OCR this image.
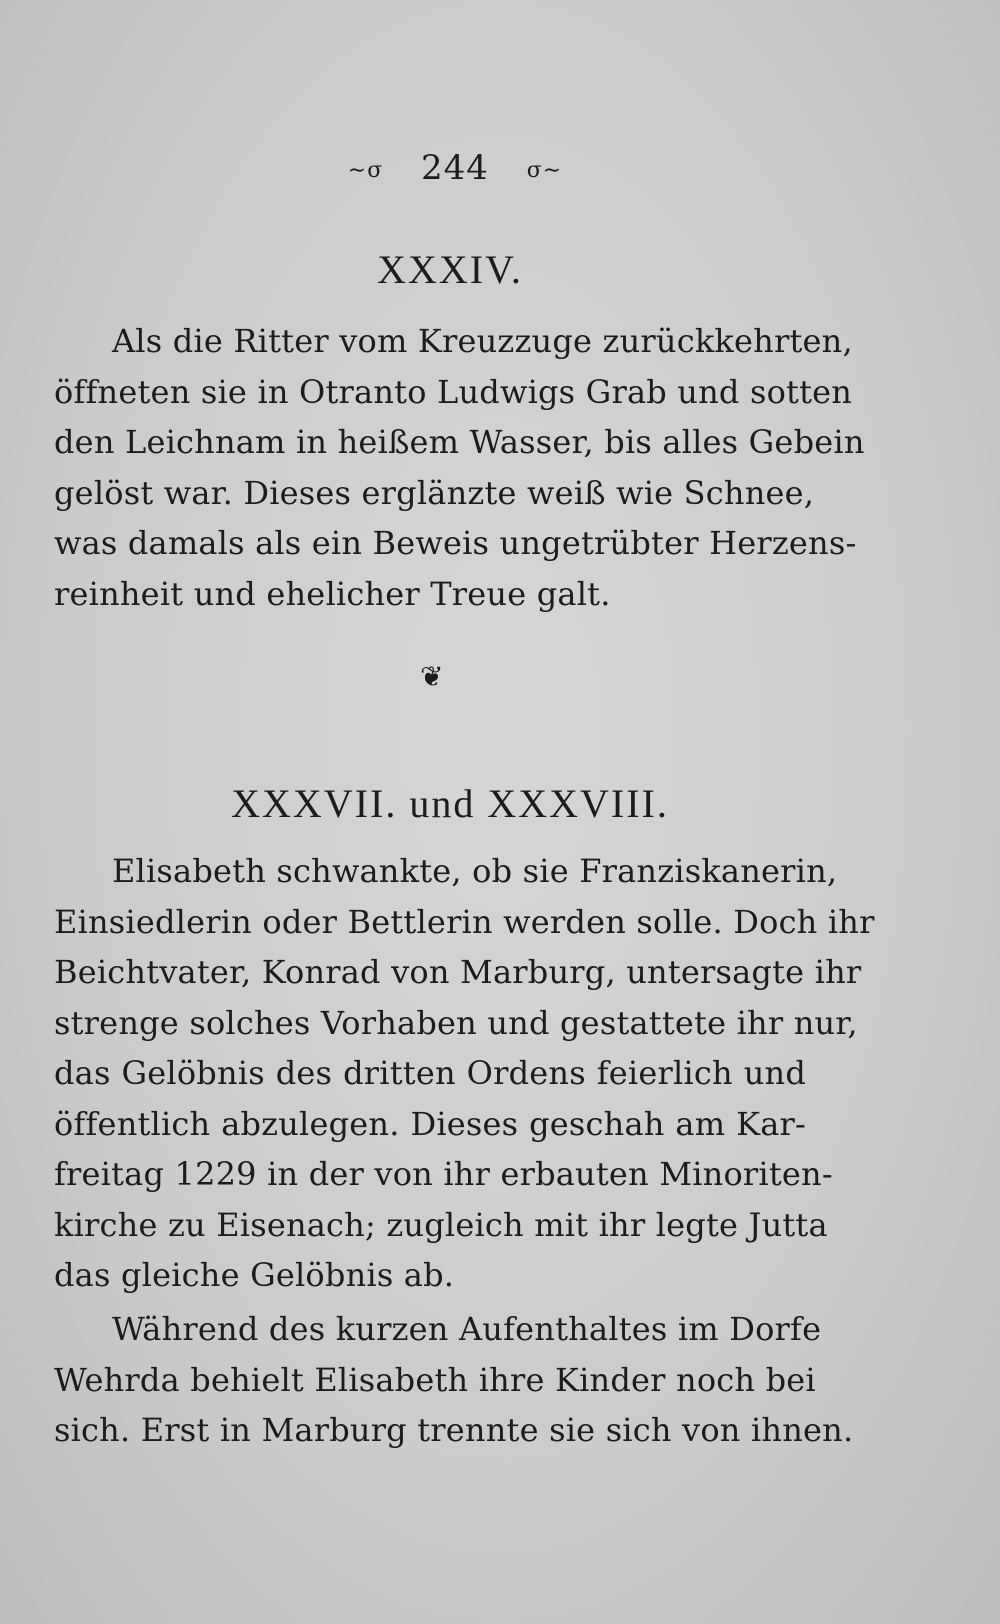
∼σ 244 σ∼
XXXIV.
Als die Ritter vom Kreuzzuge zurückkehrten,
öffneten sie in Otranto Ludwigs Grab und sotten
den Leichnam in heißem Wasser, bis alles Gebein
gelöst war. Dieses erglänzte weiß wie Schnee,
was damals als ein Beweis ungetrübter Herzens-
reinheit und ehelicher Treue galt.
❦
XXXVII. und XXXVIII.
Elisabeth schwankte, ob sie Franziskanerin,
Einsiedlerin oder Bettlerin werden solle. Doch ihr
Beichtvater, Konrad von Marburg, untersagte ihr
strenge solches Vorhaben und gestattete ihr nur,
das Gelöbnis des dritten Ordens feierlich und
öffentlich abzulegen. Dieses geschah am Kar-
freitag 1229 in der von ihr erbauten Minoriten-
kirche zu Eisenach; zugleich mit ihr legte Jutta
das gleiche Gelöbnis ab.
Während des kurzen Aufenthaltes im Dorfe
Wehrda behielt Elisabeth ihre Kinder noch bei
sich. Erst in Marburg trennte sie sich von ihnen.
